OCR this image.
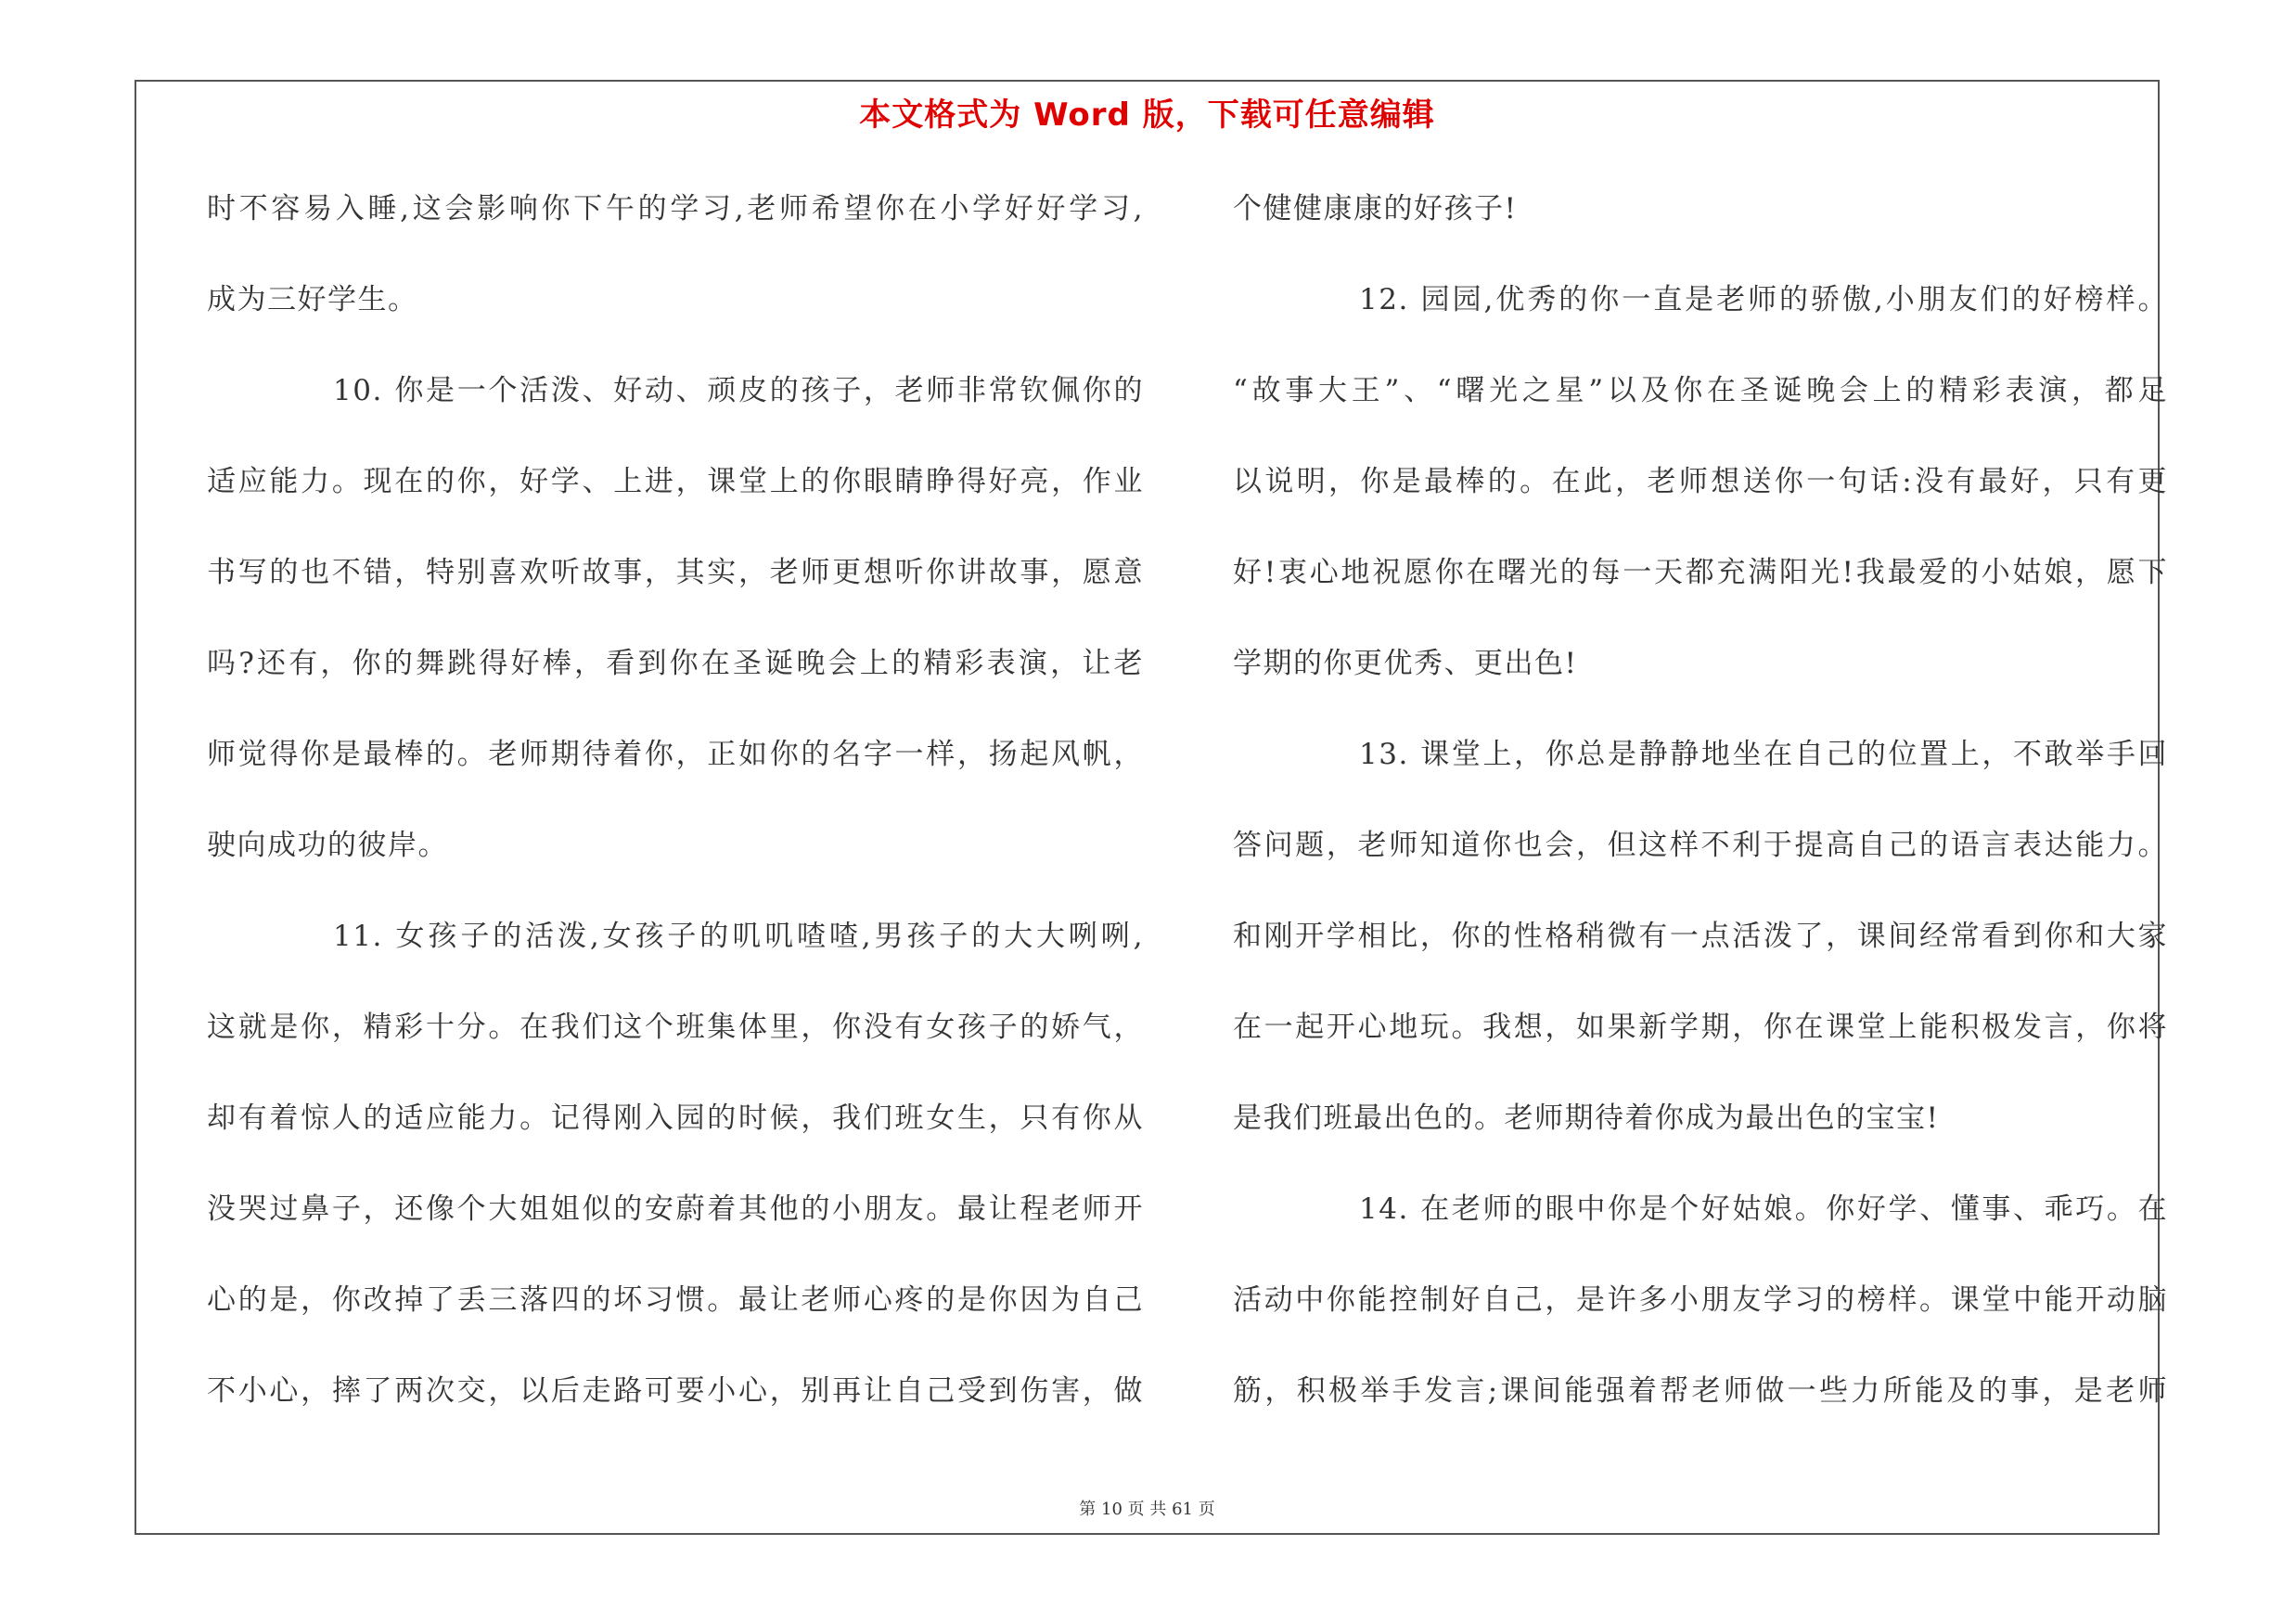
本文格式为 Word 版，下载可任意编辑
时不容易入睡,这会影响你下午的学习,老师希望你在小学好好学习,
成为三好学生。
10. 你是一个活泼、好动、顽皮的孩子，老师非常钦佩你的
适应能力。现在的你，好学、上进，课堂上的你眼睛睁得好亮，作业
书写的也不错，特别喜欢听故事，其实，老师更想听你讲故事，愿意
吗?还有，你的舞跳得好棒，看到你在圣诞晚会上的精彩表演，让老
师觉得你是最棒的。老师期待着你，正如你的名字一样，扬起风帆，
驶向成功的彼岸。
11. 女孩子的活泼,女孩子的叽叽喳喳,男孩子的大大咧咧,
这就是你，精彩十分。在我们这个班集体里，你没有女孩子的娇气，
却有着惊人的适应能力。记得刚入园的时候，我们班女生，只有你从
没哭过鼻子，还像个大姐姐似的安蔚着其他的小朋友。最让程老师开
心的是，你改掉了丢三落四的坏习惯。最让老师心疼的是你因为自己
不小心，摔了两次交，以后走路可要小心，别再让自己受到伤害，做
个健健康康的好孩子!
12. 园园,优秀的你一直是老师的骄傲,小朋友们的好榜样。
“故事大王”、“曙光之星”以及你在圣诞晚会上的精彩表演，都足
以说明，你是最棒的。在此，老师想送你一句话:没有最好，只有更
好!衷心地祝愿你在曙光的每一天都充满阳光!我最爱的小姑娘，愿下
学期的你更优秀、更出色!
13. 课堂上，你总是静静地坐在自己的位置上，不敢举手回
答问题，老师知道你也会，但这样不利于提高自己的语言表达能力。
和刚开学相比，你的性格稍微有一点活泼了，课间经常看到你和大家
在一起开心地玩。我想，如果新学期，你在课堂上能积极发言，你将
是我们班最出色的。老师期待着你成为最出色的宝宝!
14. 在老师的眼中你是个好姑娘。你好学、懂事、乖巧。在
活动中你能控制好自己，是许多小朋友学习的榜样。课堂中能开动脑
筋，积极举手发言;课间能强着帮老师做一些力所能及的事，是老师
第 10 页 共 61 页
